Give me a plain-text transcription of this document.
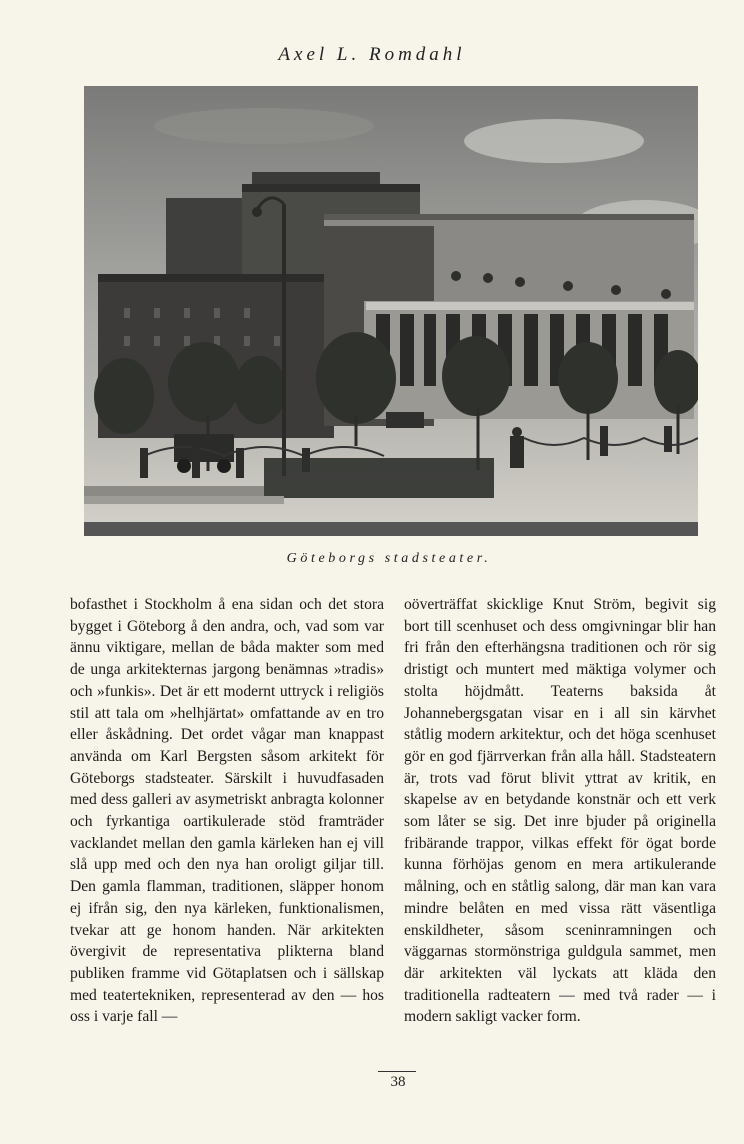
Axel L. Romdahl
Göteborgs stadsteater.

bofasthet i Stockholm å ena sidan och det stora bygget i Göteborg å den andra, och, vad som var ännu viktigare, mellan de båda makter som med de unga arkitekternas jargong benämnas »tradis» och »funkis». Det är ett modernt uttryck i religiös stil att tala om »helhjärtat» omfattande av en tro eller åskådning. Det ordet vågar man knappast använda om Karl Bergsten såsom arkitekt för Göteborgs stadsteater. Särskilt i huvudfasaden med dess galleri av asymetriskt anbragta kolonner och fyrkantiga oartikulerade stöd framträder vacklandet mellan den gamla kärleken han ej vill slå upp med och den nya han oroligt giljar till. Den gamla flamman, traditionen, släpper honom ej ifrån sig, den nya kärleken, funktionalismen, tvekar att ge honom handen. När arkitekten övergivit de representativa plikterna bland publiken framme vid Götaplatsen och i sällskap med teatertekniken, representerad av den — hos oss i varje fall —

oöverträffat skicklige Knut Ström, begivit sig bort till scenhuset och dess omgivningar blir han fri från den efterhängsna traditionen och rör sig dristigt och muntert med mäktiga volymer och stolta höjdmått. Teaterns baksida åt Johannebergsgatan visar en i all sin kärvhet ståtlig modern arkitektur, och det höga scenhuset gör en god fjärrverkan från alla håll. Stadsteatern är, trots vad förut blivit yttrat av kritik, en skapelse av en betydande konstnär och ett verk som låter se sig. Det inre bjuder på originella fribärande trappor, vilkas effekt för ögat borde kunna förhöjas genom en mera artikulerande målning, och en ståtlig salong, där man kan vara mindre belåten en med vissa rätt väsentliga enskildheter, såsom sceninramningen och väggarnas stormönstriga guldgula sammet, men där arkitekten väl lyckats att kläda den traditionella radteatern — med två rader — i modern sakligt vacker form.

38
